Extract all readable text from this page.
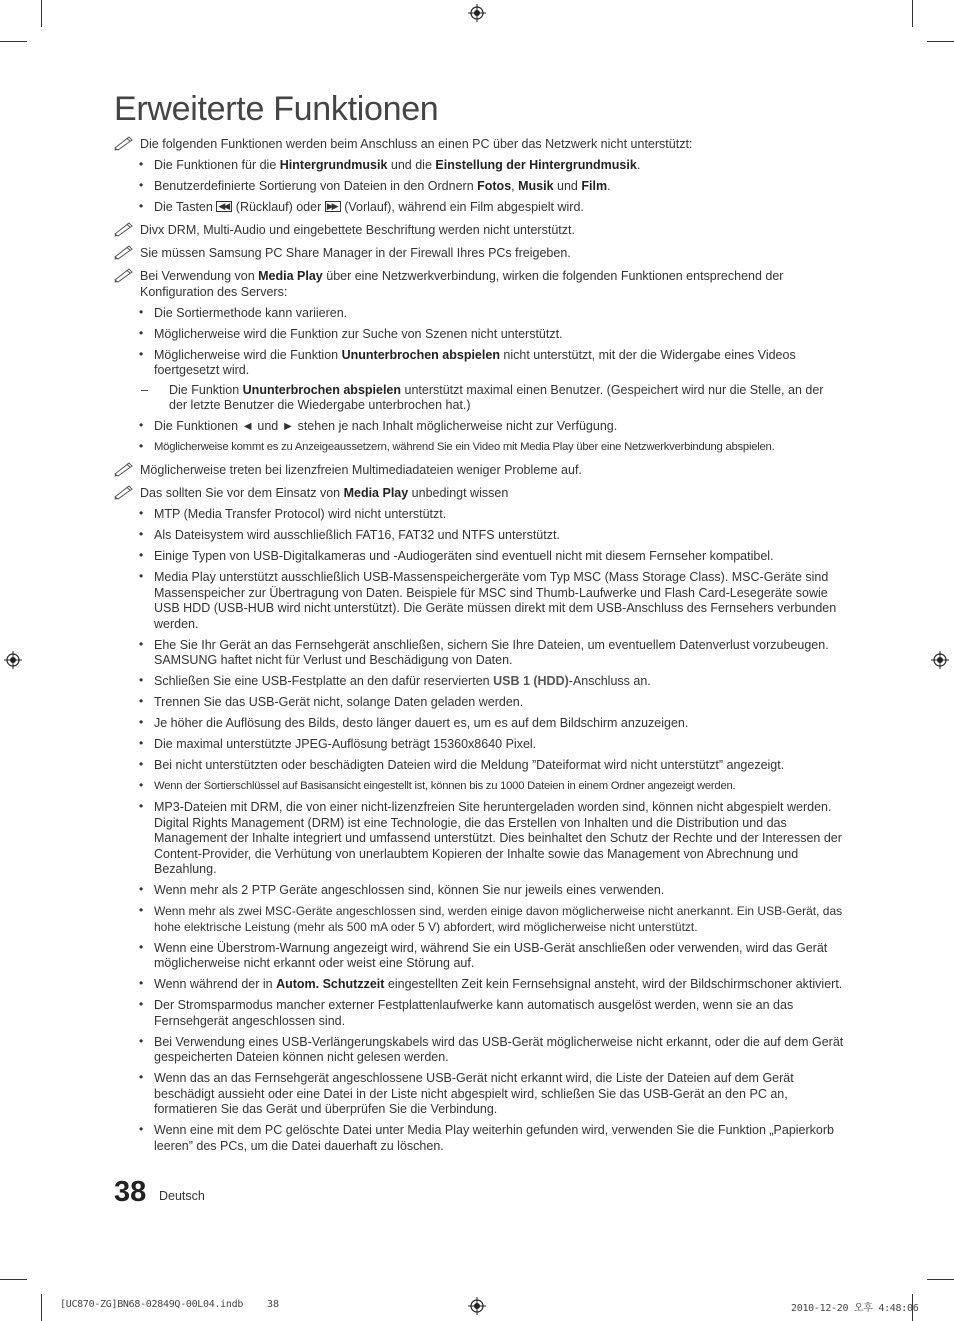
Erweiterte Funktionen
Die folgenden Funktionen werden beim Anschluss an einen PC über das Netzwerk nicht unterstützt:
• Die Funktionen für die Hintergrundmusik und die Einstellung der Hintergrundmusik.
• Benutzerdefinierte Sortierung von Dateien in den Ordnern Fotos, Musik und Film.
• Die Tasten ◀◀ (Rücklauf) oder ▶▶ (Vorlauf), während ein Film abgespielt wird.
Divx DRM, Multi-Audio und eingebettete Beschriftung werden nicht unterstützt.
Sie müssen Samsung PC Share Manager in der Firewall Ihres PCs freigeben.
Bei Verwendung von Media Play über eine Netzwerkverbindung, wirken die folgenden Funktionen entsprechend der Konfiguration des Servers:
• Die Sortiermethode kann variieren.
• Möglicherweise wird die Funktion zur Suche von Szenen nicht unterstützt.
• Möglicherweise wird die Funktion Ununterbrochen abspielen nicht unterstützt, mit der die Widergabe eines Videos foertgesetzt wird.
– Die Funktion Ununterbrochen abspielen unterstützt maximal einen Benutzer. (Gespeichert wird nur die Stelle, an der der letzte Benutzer die Wiedergabe unterbrochen hat.)
• Die Funktionen ◄ und ► stehen je nach Inhalt möglicherweise nicht zur Verfügung.
• Möglicherweise kommt es zu Anzeigeaussetzern, während Sie ein Video mit Media Play über eine Netzwerkverbindung abspielen.
Möglicherweise treten bei lizenzfreien Multimediadateien weniger Probleme auf.
Das sollten Sie vor dem Einsatz von Media Play unbedingt wissen
• MTP (Media Transfer Protocol) wird nicht unterstützt.
• Als Dateisystem wird ausschließlich FAT16, FAT32 und NTFS unterstützt.
• Einige Typen von USB-Digitalkameras und -Audiogeräten sind eventuell nicht mit diesem Fernseher kompatibel.
• Media Play unterstützt ausschließlich USB-Massenspeichergeräte vom Typ MSC (Mass Storage Class). MSC-Geräte sind Massenspeicher zur Übertragung von Daten. Beispiele für MSC sind Thumb-Laufwerke und Flash Card-Lesegeräte sowie USB HDD (USB-HUB wird nicht unterstützt). Die Geräte müssen direkt mit dem USB-Anschluss des Fernsehers verbunden werden.
• Ehe Sie Ihr Gerät an das Fernsehgerät anschließen, sichern Sie Ihre Dateien, um eventuellem Datenverlust vorzubeugen. SAMSUNG haftet nicht für Verlust und Beschädigung von Daten.
• Schließen Sie eine USB-Festplatte an den dafür reservierten USB 1 (HDD)-Anschluss an.
• Trennen Sie das USB-Gerät nicht, solange Daten geladen werden.
• Je höher die Auflösung des Bilds, desto länger dauert es, um es auf dem Bildschirm anzuzeigen.
• Die maximal unterstützte JPEG-Auflösung beträgt 15360x8640 Pixel.
• Bei nicht unterstützten oder beschädigten Dateien wird die Meldung ”Dateiformat wird nicht unterstützt” angezeigt.
• Wenn der Sortierschlüssel auf Basisansicht eingestellt ist, können bis zu 1000 Dateien in einem Ordner angezeigt werden.
• MP3-Dateien mit DRM, die von einer nicht-lizenzfreien Site heruntergeladen worden sind, können nicht abgespielt werden. Digital Rights Management (DRM) ist eine Technologie, die das Erstellen von Inhalten und die Distribution und das Management der Inhalte integriert und umfassend unterstützt. Dies beinhaltet den Schutz der Rechte und der Interessen der Content-Provider, die Verhütung von unerlaubtem Kopieren der Inhalte sowie das Management von Abrechnung und Bezahlung.
• Wenn mehr als 2 PTP Geräte angeschlossen sind, können Sie nur jeweils eines verwenden.
• Wenn mehr als zwei MSC-Geräte angeschlossen sind, werden einige davon möglicherweise nicht anerkannt. Ein USB-Gerät, das hohe elektrische Leistung (mehr als 500 mA oder 5 V) abfordert, wird möglicherweise nicht unterstützt.
• Wenn eine Überstrom-Warnung angezeigt wird, während Sie ein USB-Gerät anschließen oder verwenden, wird das Gerät möglicherweise nicht erkannt oder weist eine Störung auf.
• Wenn während der in Autom. Schutzzeit eingestellten Zeit kein Fernsehsignal ansteht, wird der Bildschirmschoner aktiviert.
• Der Stromsparmodus mancher externer Festplattenlaufwerke kann automatisch ausgelöst werden, wenn sie an das Fernsehgerät angeschlossen sind.
• Bei Verwendung eines USB-Verlängerungskabels wird das USB-Gerät möglicherweise nicht erkannt, oder die auf dem Gerät gespeicherten Dateien können nicht gelesen werden.
• Wenn das an das Fernsehgerät angeschlossene USB-Gerät nicht erkannt wird, die Liste der Dateien auf dem Gerät beschädigt aussieht oder eine Datei in der Liste nicht abgespielt wird, schließen Sie das USB-Gerät an den PC an, formatieren Sie das Gerät und überprüfen Sie die Verbindung.
• Wenn eine mit dem PC gelöschte Datei unter Media Play weiterhin gefunden wird, verwenden Sie die Funktion „Papierkorb leeren” des PCs, um die Datei dauerhaft zu löschen.
38 Deutsch
[UC870-ZG]BN68-02849Q-00L04.indb 38	2010-12-20 오후 4:48:06
